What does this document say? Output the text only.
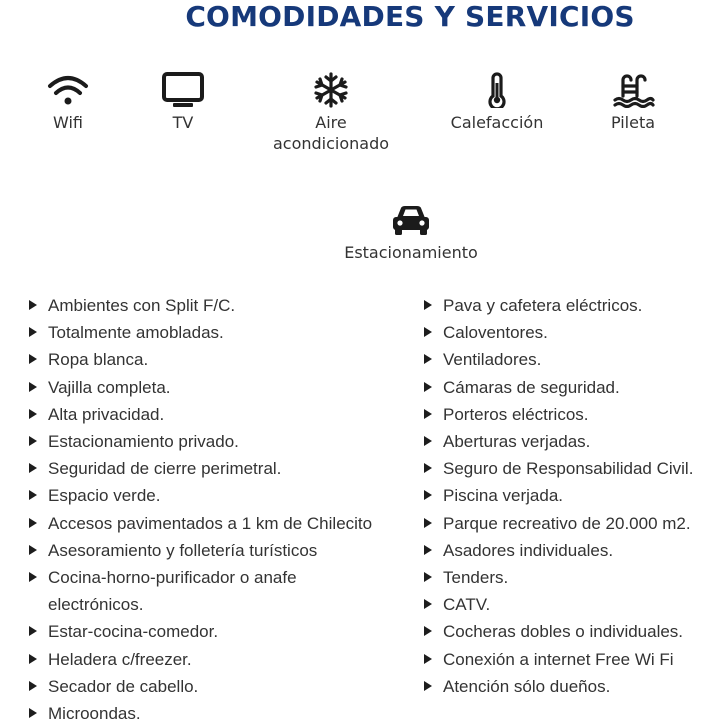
COMODIDADES Y SERVICIOS
Wifi	TV	Aire acondicionado
Calefacción	Pileta
Estacionamiento
Ambientes con Split F/C.
Totalmente amobladas.
Ropa blanca.
Vajilla completa.
Alta privacidad.
Estacionamiento privado.
Seguridad de cierre perimetral.
Espacio verde.
Accesos pavimentados a 1 km de Chilecito
Asesoramiento y folletería turísticos
Cocina-horno-purificador o anafe electrónicos.
Estar-cocina-comedor.
Heladera c/freezer.
Secador de cabello.
Microondas.
Pava y cafetera eléctricos.
Caloventores.
Ventiladores.
Cámaras de seguridad.
Porteros eléctricos.
Aberturas verjadas.
Seguro de Responsabilidad Civil.
Piscina verjada.
Parque recreativo de 20.000 m2.
Asadores individuales.
Tenders.
CATV.
Cocheras dobles o individuales.
Conexión a internet Free Wi Fi
Atención sólo dueños.
